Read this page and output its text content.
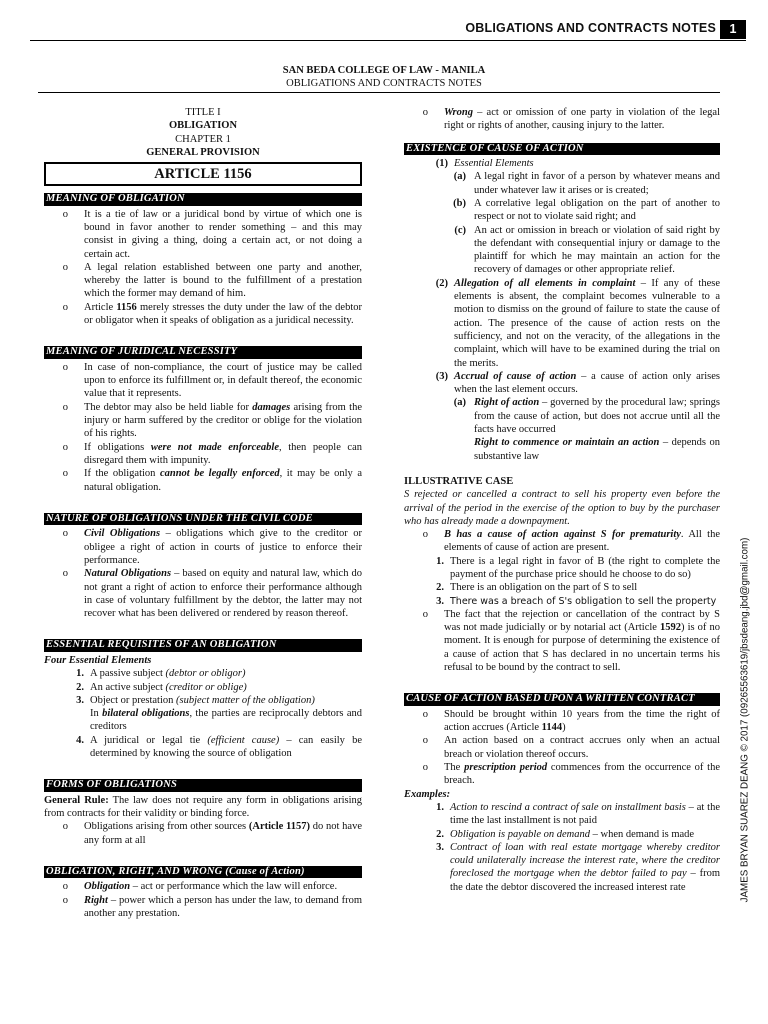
OBLIGATIONS AND CONTRACTS NOTES	1
SAN BEDA COLLEGE OF LAW - MANILA
OBLIGATIONS AND CONTRACTS NOTES
JAMES BRYAN SUAREZ DEANG © 2017 (09265563619/jbsdeang.jbd@gmail.com)
TITLE I
OBLIGATION
CHAPTER 1
GENERAL PROVISION
ARTICLE 1156
MEANING OF OBLIGATION
o	It is a tie of law or a juridical bond by virtue of which one is bound in favor another to render something – and this may consist in giving a thing, doing a certain act, or not doing a certain act.
o	A legal relation established between one party and another, whereby the latter is bound to the fulfillment of a prestation which the former may demand of him.
o	Article 1156 merely stresses the duty under the law of the debtor or obligator when it speaks of obligation as a juridical necessity.
MEANING OF JURIDICAL NECESSITY
o	In case of non-compliance, the court of justice may be called upon to enforce its fulfillment or, in default thereof, the economic value that it represents.
o	The debtor may also be held liable for damages arising from the injury or harm suffered by the creditor or oblige for the violation of his rights.
o	If obligations were not made enforceable, then people can disregard them with impunity.
o	If the obligation cannot be legally enforced, it may be only a natural obligation.
NATURE OF OBLIGATIONS UNDER THE CIVIL CODE
o	Civil Obligations – obligations which give to the creditor or obligee a right of action in courts of justice to enforce their performance.
o	Natural Obligations – based on equity and natural law, which do not grant a right of action to enforce their performance although in case of voluntary fulfillment by the debtor, the latter may not recover what has been delivered or rendered by reason thereof.
ESSENTIAL REQUISITES OF AN OBLIGATION
Four Essential Elements
1. A passive subject (debtor or obligor)
2. An active subject (creditor or oblige)
3. Object or prestation (subject matter of the obligation)
In bilateral obligations, the parties are reciprocally debtors and creditors
4. A juridical or legal tie (efficient cause) – can easily be determined by knowing the source of obligation
FORMS OF OBLIGATIONS
General Rule: The law does not require any form in obligations arising from contracts for their validity or binding force.
o	Obligations arising from other sources (Article 1157) do not have any form at all
OBLIGATION, RIGHT, AND WRONG (Cause of Action)
o	Obligation – act or performance which the law will enforce.
o	Right – power which a person has under the law, to demand from another any prestation.
o	Wrong – act or omission of one party in violation of the legal right or rights of another, causing injury to the latter.
EXISTENCE OF CAUSE OF ACTION
(1) Essential Elements
(a) A legal right in favor of a person by whatever means and under whatever law it arises or is created;
(b) A correlative legal obligation on the part of another to respect or not to violate said right; and
(c) An act or omission in breach or violation of said right by the defendant with consequential injury or damage to the plaintiff for which he may maintain an action for the recovery of damages or other appropriate relief.
(2) Allegation of all elements in complaint – If any of these elements is absent, the complaint becomes vulnerable to a motion to dismiss on the ground of failure to state the cause of action. The presence of the cause of action rests on the sufficiency, and not on the veracity, of the allegations in the complaint, which will have to be examined during the trial on the merits.
(3) Accrual of cause of action – a cause of action only arises when the last element occurs.
(a) Right of action – governed by the procedural law; springs from the cause of action, but does not accrue until all the facts have occurred
Right to commence or maintain an action – depends on substantive law
ILLUSTRATIVE CASE
S rejected or cancelled a contract to sell his property even before the arrival of the period in the exercise of the option to buy by the purchaser who has already made a downpayment.
o	B has a cause of action against S for prematurity. All the elements of cause of action are present.
1. There is a legal right in favor of B (the right to complete the payment of the purchase price should he choose to do so)
2. There is an obligation on the part of S to sell
3. There was a breach of S's obligation to sell the property
o	The fact that the rejection or cancellation of the contract by S was not made judicially or by notarial act (Article 1592) is of no moment. It is enough for purpose of determining the existence of a cause of action that S has declared in no uncertain terms his refusal to be bound by the contract to sell.
CAUSE OF ACTION BASED UPON A WRITTEN CONTRACT
o	Should be brought within 10 years from the time the right of action accrues (Article 1144)
o	An action based on a contract accrues only when an actual breach or violation thereof occurs.
o	The prescription period commences from the occurrence of the breach.
Examples:
1. Action to rescind a contract of sale on installment basis – at the time the last installment is not paid
2. Obligation is payable on demand – when demand is made
3. Contract of loan with real estate mortgage whereby creditor could unilaterally increase the interest rate, where the creditor foreclosed the mortgage when the debtor failed to pay – from the date the debtor discovered the increased interest rate
